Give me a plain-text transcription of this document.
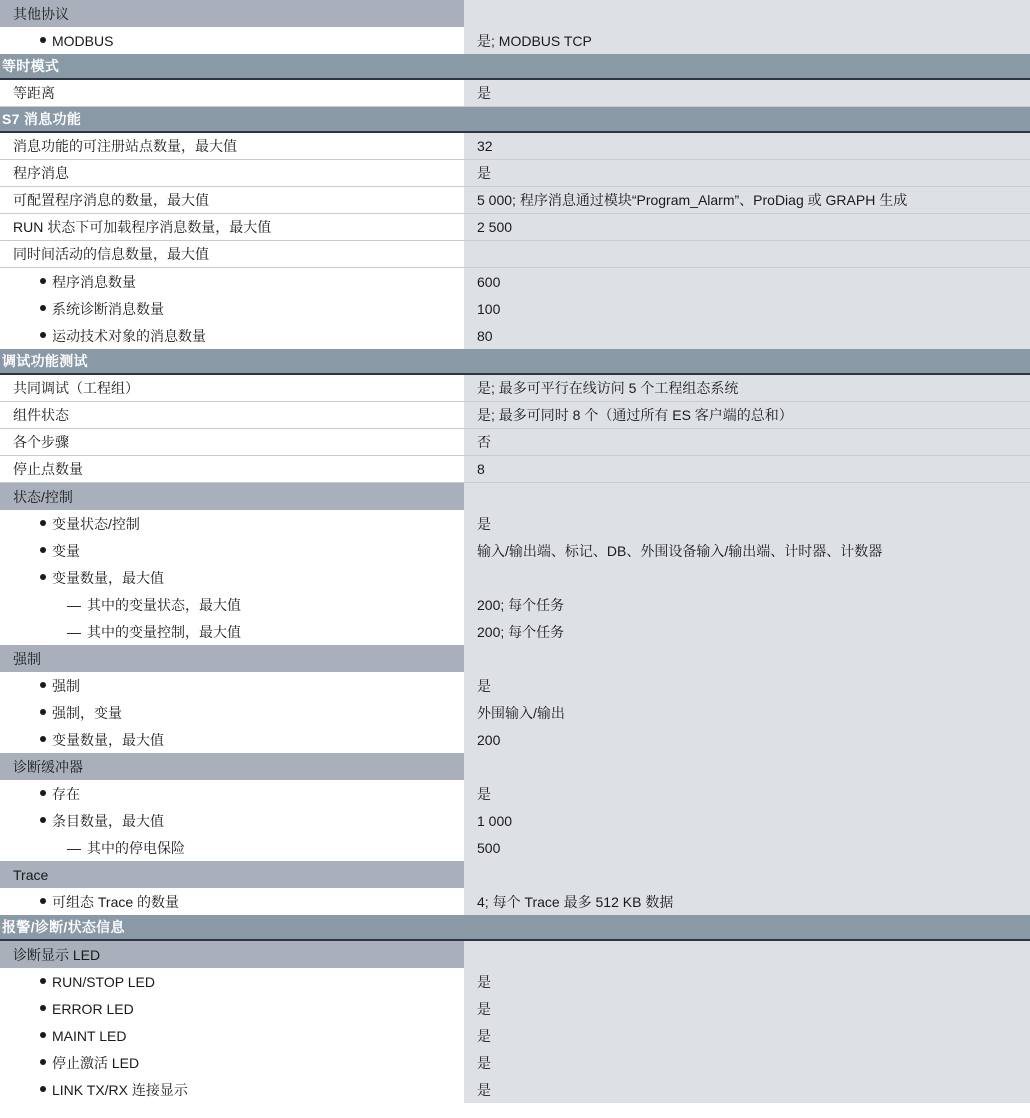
其他协议
MODBUS	是; MODBUS TCP
等时模式
等距离	是
S7 消息功能
消息功能的可注册站点数量，最大值	32
程序消息	是
可配置程序消息的数量，最大值	5 000; 程序消息通过模块“Program_Alarm”、ProDiag 或 GRAPH 生成
RUN 状态下可加载程序消息数量，最大值	2 500
同时间活动的信息数量，最大值
程序消息数量	600
系统诊断消息数量	100
运动技术对象的消息数量	80
调试功能测试
共同调试（工程组）	是; 最多可平行在线访问 5 个工程组态系统
组件状态	是; 最多可同时 8 个（通过所有 ES 客户端的总和）
各个步骤	否
停止点数量	8
状态/控制
变量状态/控制	是
变量	输入/输出端、标记、DB、外围设备输入/输出端、计时器、计数器
变量数量，最大值
— 其中的变量状态，最大值	200; 每个任务
— 其中的变量控制，最大值	200; 每个任务
强制
强制	是
强制，变量	外围输入/输出
变量数量，最大值	200
诊断缓冲器
存在	是
条目数量，最大值	1 000
— 其中的停电保险	500
Trace
可组态 Trace 的数量	4; 每个 Trace 最多 512 KB 数据
报警/诊断/状态信息
诊断显示 LED
RUN/STOP LED	是
ERROR LED	是
MAINT LED	是
停止激活 LED	是
LINK TX/RX 连接显示	是
